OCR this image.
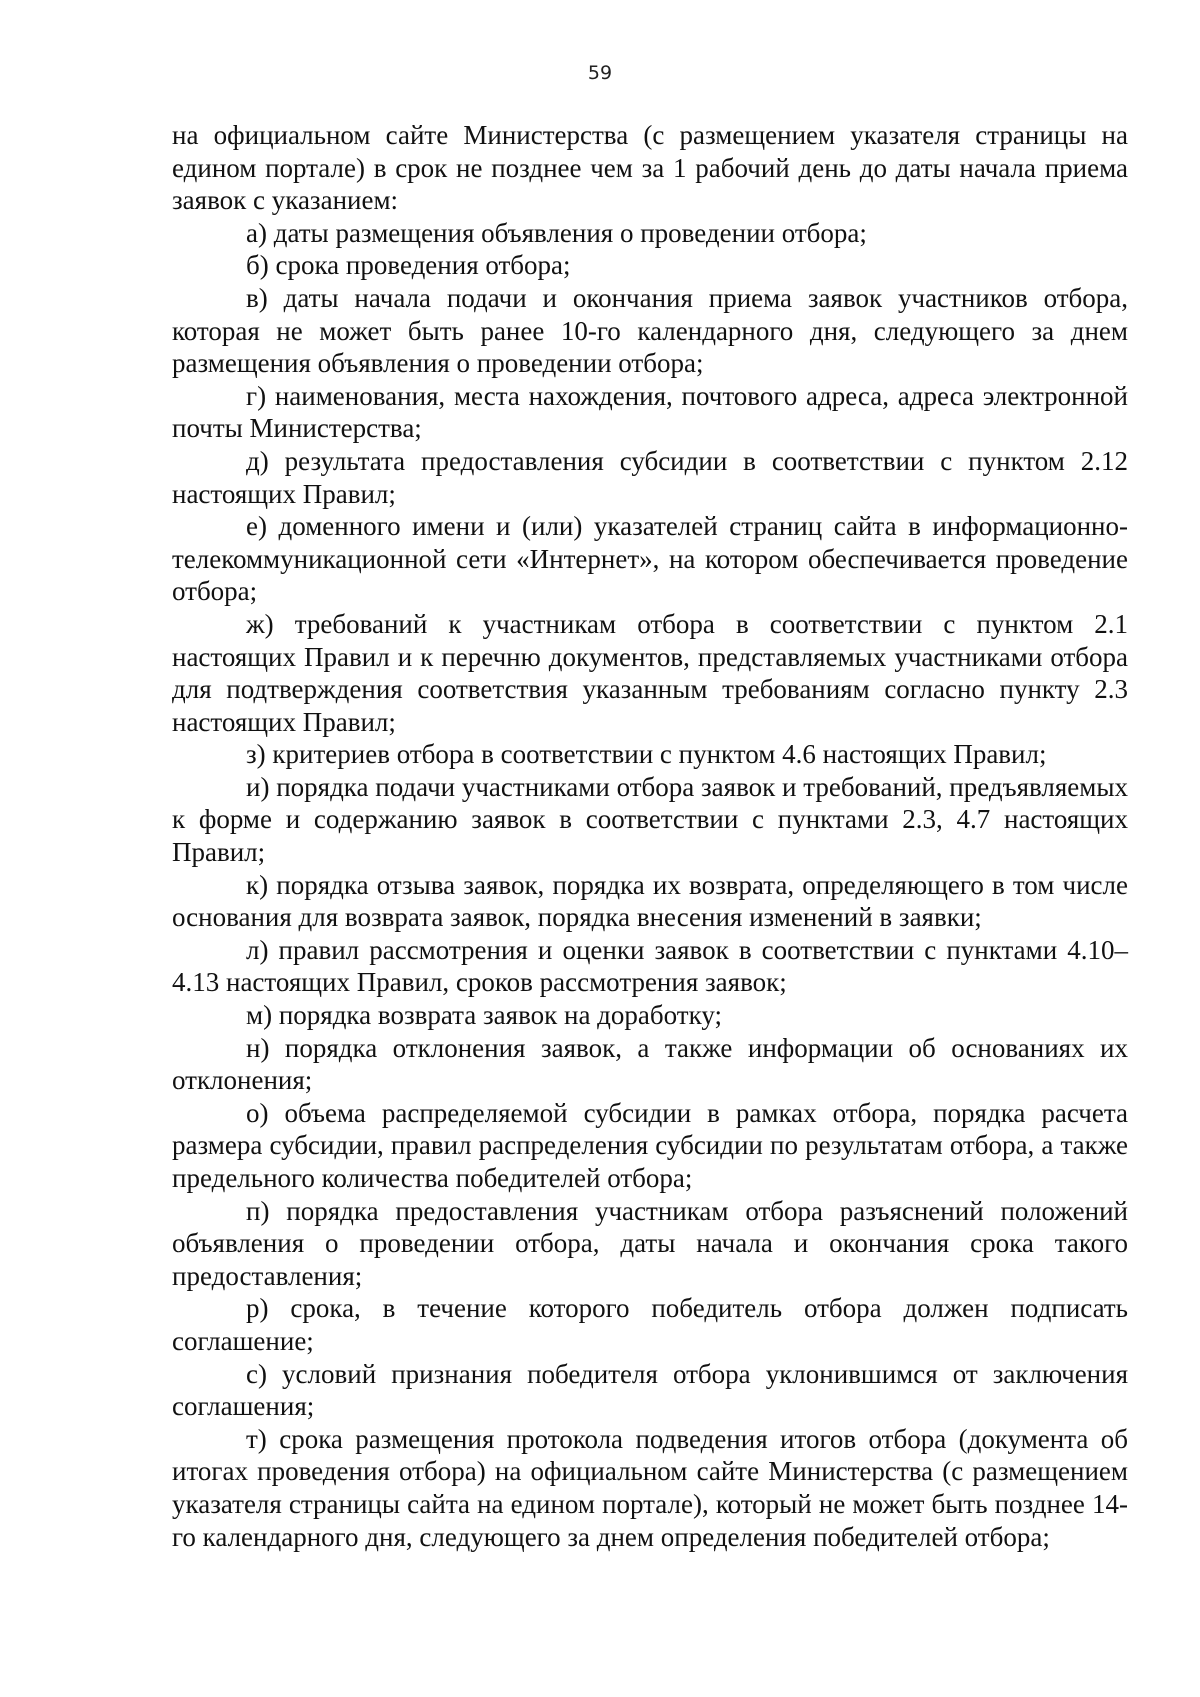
59

на официальном сайте Министерства (с размещением указателя страницы на едином портале) в срок не позднее чем за 1 рабочий день до даты начала приема заявок с указанием:

а) даты размещения объявления о проведении отбора;

б) срока проведения отбора;

в) даты начала подачи и окончания приема заявок участников отбора, которая не может быть ранее 10-го календарного дня, следующего за днем размещения объявления о проведении отбора;

г) наименования, места нахождения, почтового адреса, адреса электронной почты Министерства;

д) результата предоставления субсидии в соответствии с пунктом 2.12 настоящих Правил;

е) доменного имени и (или) указателей страниц сайта в информационно-телекоммуникационной сети «Интернет», на котором обеспечивается проведение отбора;

ж) требований к участникам отбора в соответствии с пунктом 2.1 настоящих Правил и к перечню документов, представляемых участниками отбора для подтверждения соответствия указанным требованиям согласно пункту 2.3 настоящих Правил;

з) критериев отбора в соответствии с пунктом 4.6 настоящих Правил;

и) порядка подачи участниками отбора заявок и требований, предъявляемых к форме и содержанию заявок в соответствии с пунктами 2.3, 4.7 настоящих Правил;

к) порядка отзыва заявок, порядка их возврата, определяющего в том числе основания для возврата заявок, порядка внесения изменений в заявки;

л) правил рассмотрения и оценки заявок в соответствии с пунктами 4.10–4.13 настоящих Правил, сроков рассмотрения заявок;

м) порядка возврата заявок на доработку;

н) порядка отклонения заявок, а также информации об основаниях их отклонения;

о) объема распределяемой субсидии в рамках отбора, порядка расчета размера субсидии, правил распределения субсидии по результатам отбора, а также предельного количества победителей отбора;

п) порядка предоставления участникам отбора разъяснений положений объявления о проведении отбора, даты начала и окончания срока такого предоставления;

р) срока, в течение которого победитель отбора должен подписать соглашение;

с) условий признания победителя отбора уклонившимся от заключения соглашения;

т) срока размещения протокола подведения итогов отбора (документа об итогах проведения отбора) на официальном сайте Министерства (с размещением указателя страницы сайта на едином портале), который не может быть позднее 14-го календарного дня, следующего за днем определения победителей отбора;
